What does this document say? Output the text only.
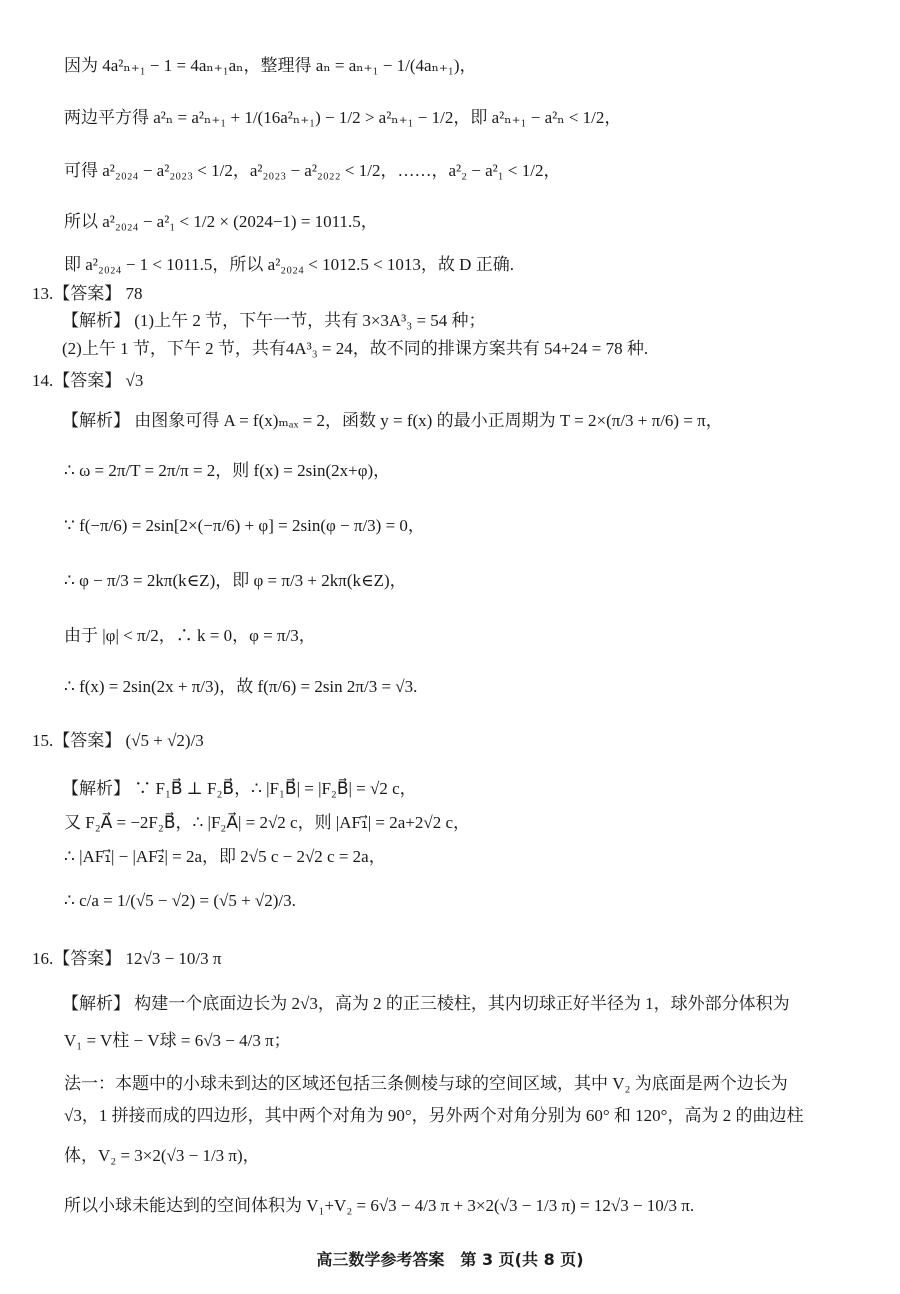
因为 4a²ₙ₊₁ − 1 = 4aₙ₊₁aₙ，整理得 aₙ = aₙ₊₁ − 1/(4aₙ₊₁)，
两边平方得 a²ₙ = a²ₙ₊₁ + 1/(16a²ₙ₊₁) − 1/2 > a²ₙ₊₁ − 1/2，即 a²ₙ₊₁ − a²ₙ < 1/2，
可得 a²₂₀₂₄ − a²₂₀₂₃ < 1/2，a²₂₀₂₃ − a²₂₀₂₂ < 1/2，……，a²₂ − a²₁ < 1/2，
所以 a²₂₀₂₄ − a²₁ < 1/2 × (2024−1) = 1011.5，
即 a²₂₀₂₄ − 1 < 1011.5，所以 a²₂₀₂₄ < 1012.5 < 1013，故 D 正确.
13.【答案】 78
【解析】 (1)上午 2 节，下午一节，共有 3×3A³₃ = 54 种；
(2)上午 1 节，下午 2 节，共有4A³₃ = 24，故不同的排课方案共有 54+24 = 78 种.
14.【答案】 √3
【解析】 由图象可得 A = f(x)ₘₐₓ = 2，函数 y = f(x) 的最小正周期为 T = 2×(π/3 + π/6) = π，
∴ ω = 2π/T = 2π/π = 2，则 f(x) = 2sin(2x+φ)，
∵ f(−π/6) = 2sin[2×(−π/6) + φ] = 2sin(φ − π/3) = 0，
∴ φ − π/3 = 2kπ(k∈Z)，即 φ = π/3 + 2kπ(k∈Z)，
由于 |φ| < π/2，∴ k = 0，φ = π/3，
∴ f(x) = 2sin(2x + π/3)，故 f(π/6) = 2sin 2π/3 = √3.
15.【答案】 (√5 + √2)/3
【解析】 ∵ F₁B⃗ ⊥ F₂B⃗，∴ |F₁B⃗| = |F₂B⃗| = √2 c，
又 F₂A⃗ = −2F₂B⃗，∴ |F₂A⃗| = 2√2 c，则 |AF₁⃗| = 2a+2√2 c，
∴ |AF₁⃗| − |AF₂⃗| = 2a，即 2√5 c − 2√2 c = 2a，
∴ c/a = 1/(√5 − √2) = (√5 + √2)/3.
16.【答案】 12√3 − 10/3 π
【解析】 构建一个底面边长为 2√3，高为 2 的正三棱柱，其内切球正好半径为 1，球外部分体积为
V₁ = V柱 − V球 = 6√3 − 4/3 π；
法一：本题中的小球未到达的区域还包括三条侧棱与球的空间区域，其中 V₂ 为底面是两个边长为
√3，1 拼接而成的四边形，其中两个对角为 90°，另外两个对角分别为 60° 和 120°，高为 2 的曲边柱
体，V₂ = 3×2(√3 − 1/3 π)，
所以小球未能达到的空间体积为 V₁+V₂ = 6√3 − 4/3 π + 3×2(√3 − 1/3 π) = 12√3 − 10/3 π.
高三数学参考答案　第 3 页(共 8 页)
